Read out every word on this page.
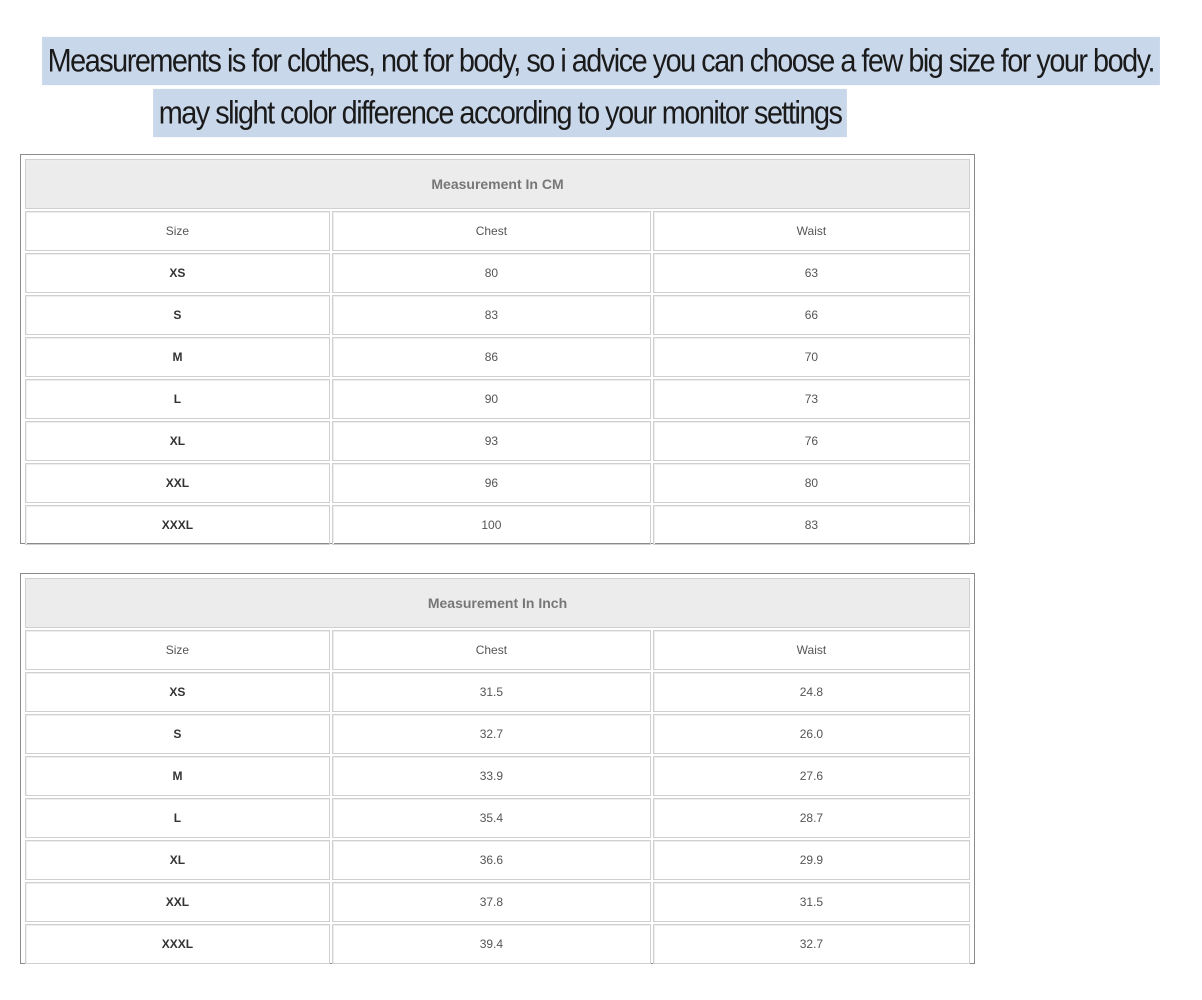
Measurements is for clothes, not for body, so i advice you can choose a few big size for your body.
may slight color difference according to your monitor settings
Measurement In CM		
Size	Chest	Waist
XS	80	63
S	83	66
M	86	70
L	90	73
XL	93	76
XXL	96	80
XXXL	100	83
Measurement In Inch		
Size	Chest	Waist
XS	31.5	24.8
S	32.7	26.0
M	33.9	27.6
L	35.4	28.7
XL	36.6	29.9
XXL	37.8	31.5
XXXL	39.4	32.7
